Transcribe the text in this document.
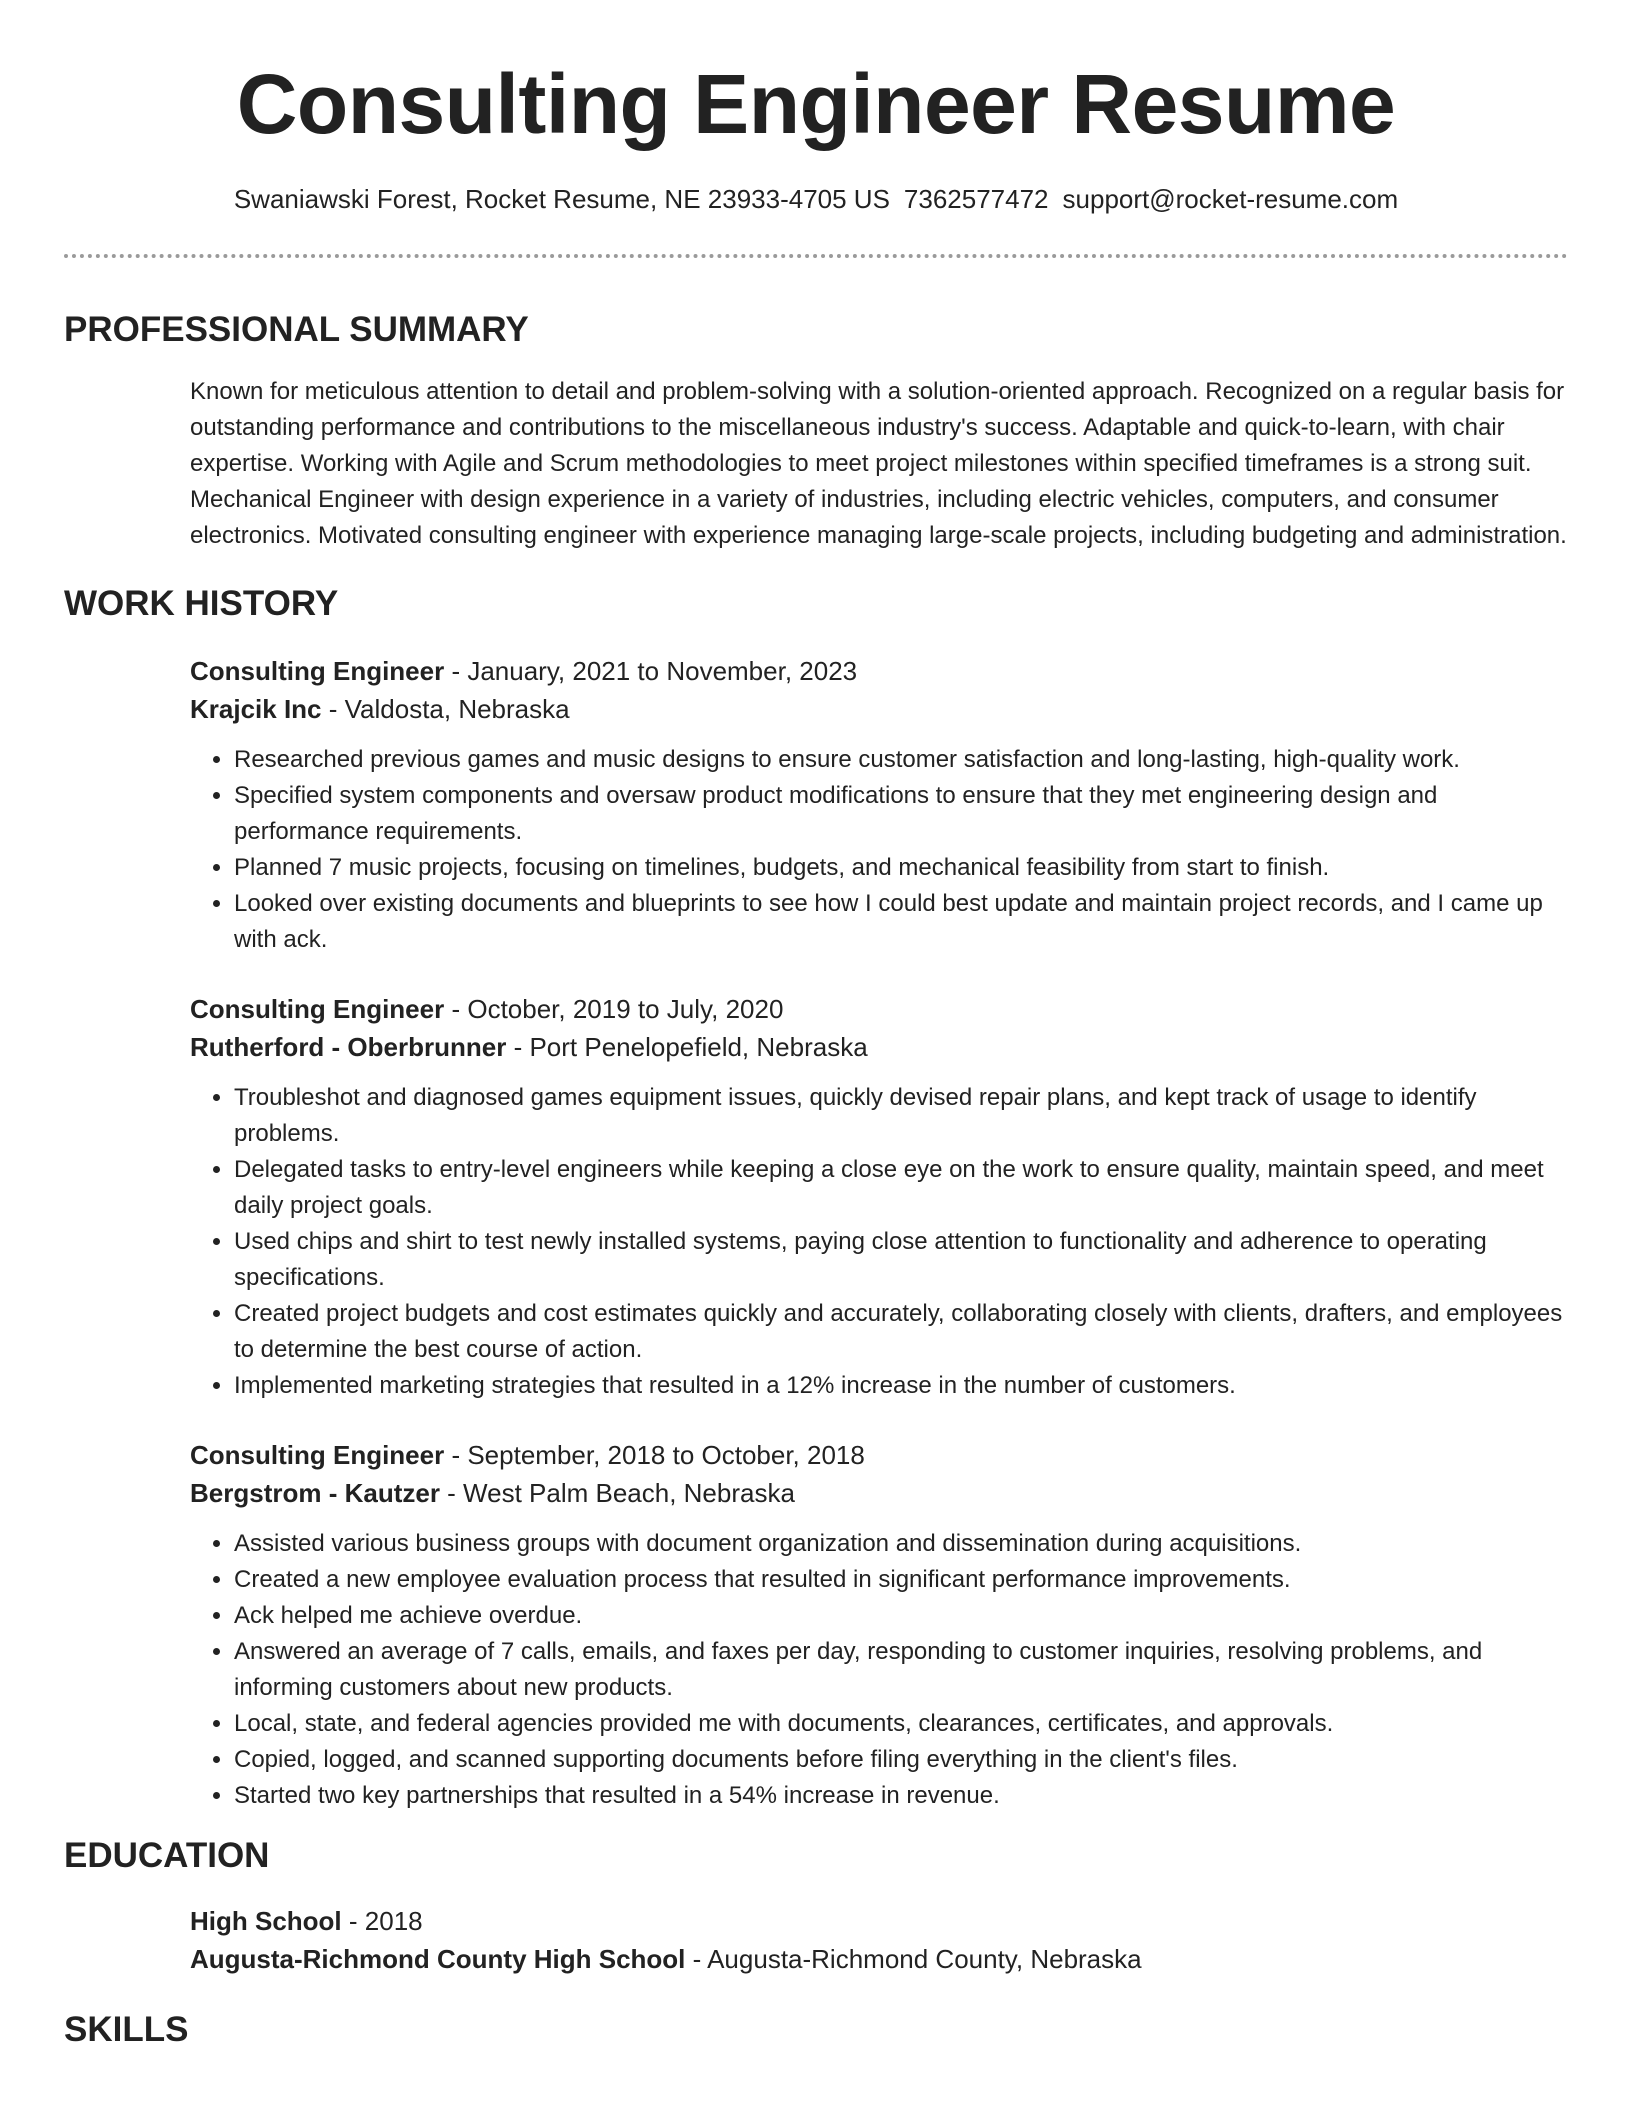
Consulting Engineer Resume
Swaniawski Forest, Rocket Resume, NE 23933-4705 US 7362577472 support@rocket-resume.com
PROFESSIONAL SUMMARY

Known for meticulous attention to detail and problem-solving with a solution-oriented approach. Recognized on a regular basis for outstanding performance and contributions to the miscellaneous industry's success. Adaptable and quick-to-learn, with chair expertise. Working with Agile and Scrum methodologies to meet project milestones within specified timeframes is a strong suit. Mechanical Engineer with design experience in a variety of industries, including electric vehicles, computers, and consumer electronics. Motivated consulting engineer with experience managing large-scale projects, including budgeting and administration.

WORK HISTORY
Consulting Engineer - January, 2021 to November, 2023
Krajcik Inc - Valdosta, Nebraska
• Researched previous games and music designs to ensure customer satisfaction and long-lasting, high-quality work.
• Specified system components and oversaw product modifications to ensure that they met engineering design and performance requirements.
• Planned 7 music projects, focusing on timelines, budgets, and mechanical feasibility from start to finish.
• Looked over existing documents and blueprints to see how I could best update and maintain project records, and I came up with ack.
Consulting Engineer - October, 2019 to July, 2020
Rutherford - Oberbrunner - Port Penelopefield, Nebraska
• Troubleshot and diagnosed games equipment issues, quickly devised repair plans, and kept track of usage to identify problems.
• Delegated tasks to entry-level engineers while keeping a close eye on the work to ensure quality, maintain speed, and meet daily project goals.
• Used chips and shirt to test newly installed systems, paying close attention to functionality and adherence to operating specifications.
• Created project budgets and cost estimates quickly and accurately, collaborating closely with clients, drafters, and employees to determine the best course of action.
• Implemented marketing strategies that resulted in a 12% increase in the number of customers.
Consulting Engineer - September, 2018 to October, 2018
Bergstrom - Kautzer - West Palm Beach, Nebraska
• Assisted various business groups with document organization and dissemination during acquisitions.
• Created a new employee evaluation process that resulted in significant performance improvements.
• Ack helped me achieve overdue.
• Answered an average of 7 calls, emails, and faxes per day, responding to customer inquiries, resolving problems, and informing customers about new products.
• Local, state, and federal agencies provided me with documents, clearances, certificates, and approvals.
• Copied, logged, and scanned supporting documents before filing everything in the client's files.
• Started two key partnerships that resulted in a 54% increase in revenue.
EDUCATION
High School - 2018
Augusta-Richmond County High School - Augusta-Richmond County, Nebraska
SKILLS
